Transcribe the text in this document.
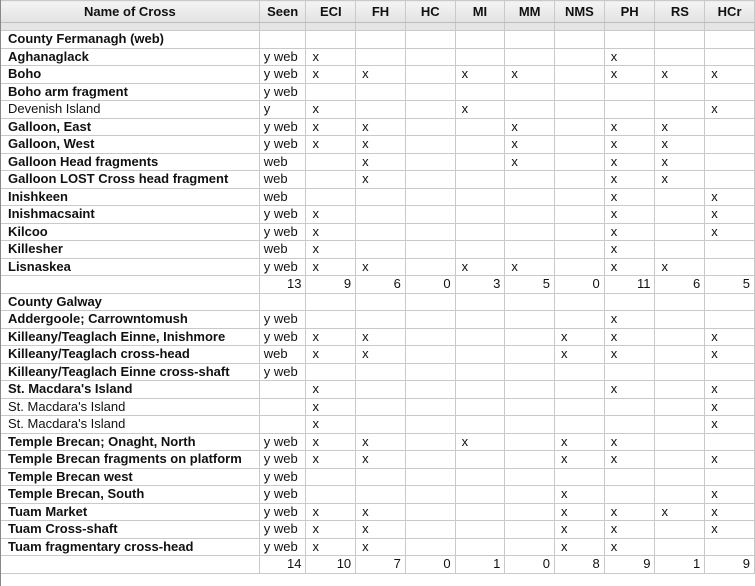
Name of Cross	Seen	ECI	FH	HC	MI	MM	NMS	PH	RS	HCr

County Fermanagh (web)										
Aghanaglack	y web	x						x		
Boho	y web	x	x		x	x		x	x	x
Boho arm fragment	y web									
Devenish Island	y	x			x					x
Galloon, East	y web	x	x			x		x	x	
Galloon, West	y web	x	x			x		x	x	
Galloon Head fragments	web		x			x		x	x	
Galloon LOST Cross head fragment	web		x					x	x	
Inishkeen	web							x		x
Inishmacsaint	y web	x						x		x
Kilcoo	y web	x						x		x
Killesher	web	x						x		
Lisnaskea	y web	x	x		x	x		x	x	
	13	9	6	0	3	5	0	11	6	5
County Galway										
Addergoole; Carrowntomush	y web							x		
Killeany/Teaglach Einne, Inishmore	y web	x	x				x	x		x
Killeany/Teaglach cross-head	web	x	x				x	x		x
Killeany/Teaglach Einne cross-shaft	y web									
St. Macdara's Island		x						x		x
St. Macdara's Island		x								x
St. Macdara's Island		x								x
Temple Brecan; Onaght, North	y web	x	x		x		x	x		
Temple Brecan fragments on platform	y web	x	x				x	x		x
Temple Brecan west	y web									
Temple Brecan, South	y web						x			x
Tuam Market	y web	x	x				x	x	x	x
Tuam Cross-shaft	y web	x	x				x	x		x
Tuam fragmentary cross-head	y web	x	x				x	x		
	14	10	7	0	1	0	8	9	1	9
